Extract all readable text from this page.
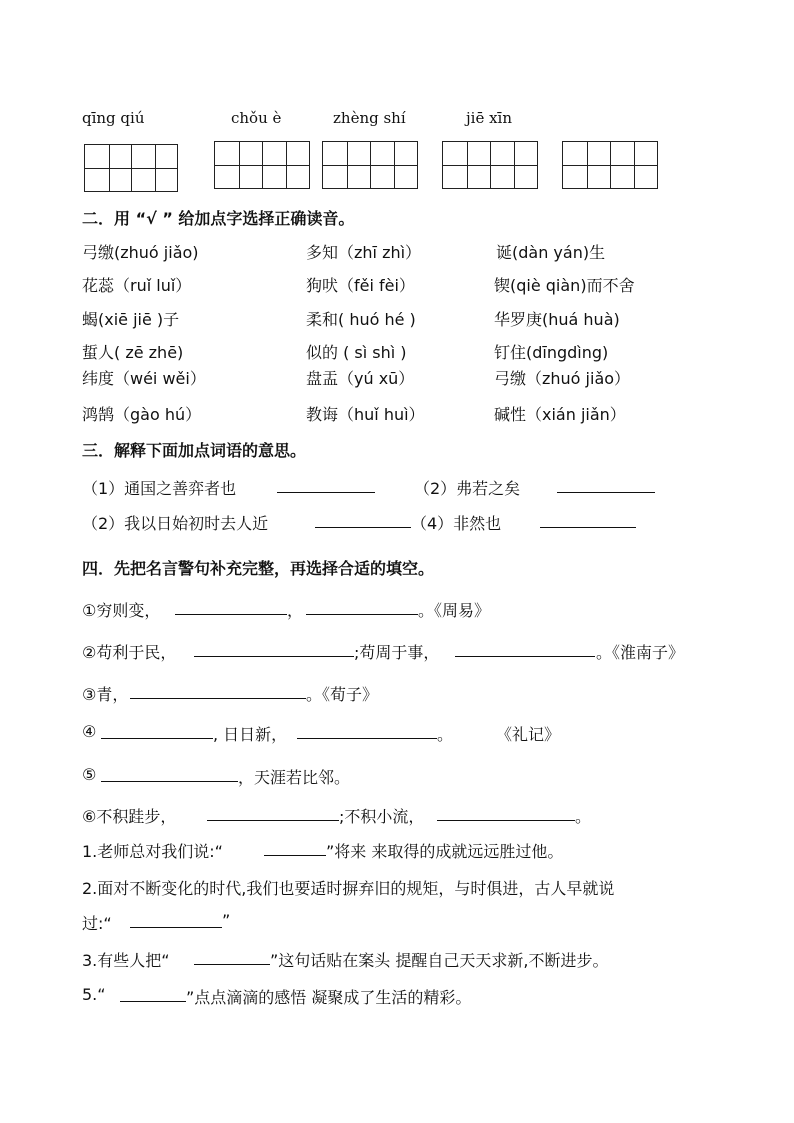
qīng qiú	chǒu è	zhèng shí	jiē xīn
二．用 “√ ” 给加点字选择正确读音。
弓缴(zhuó jiǎo)	多知（zhī zhì）	诞(dàn yán)生
花蕊（ruǐ luǐ）	狗吠（fěi fèi）	锲(qiè qiàn)而不舍
蝎(xiē jiē )子	柔和( huó hé )	华罗庚(huá huà)
蜇人( zē zhē)	似的 ( sì shì )	钉住(dīngdìng)
纬度（wéi wěi）	盘盂（yú xū）	弓缴（zhuó jiǎo）
鸿鹄（gào hú）	教诲（huǐ huì）	碱性（xián jiǎn）
三．解释下面加点词语的意思。
（1）通国之善弈者也	（2）弗若之矣
（2）我以日始初时去人近	（4）非然也
四．先把名言警句补充完整，再选择合适的填空。
①穷则变，	，	。《周易》
②苟利于民，	;苟周于事，	。《淮南子》
③青，	。《荀子》
④	, 日日新，	。	《礼记》
⑤	，天涯若比邻。
⑥不积跬步，	;不积小流，	。
1.老师总对我们说:“	”将来 来取得的成就远远胜过他。
2.面对不断变化的时代,我们也要适时摒弃旧的规矩，与时俱进，古人早就说
过:“	”
3.有些人把“	”这句话贴在案头 提醒自己天天求新,不断进步。
5.“	”点点滴滴的感悟 凝聚成了生活的精彩。
